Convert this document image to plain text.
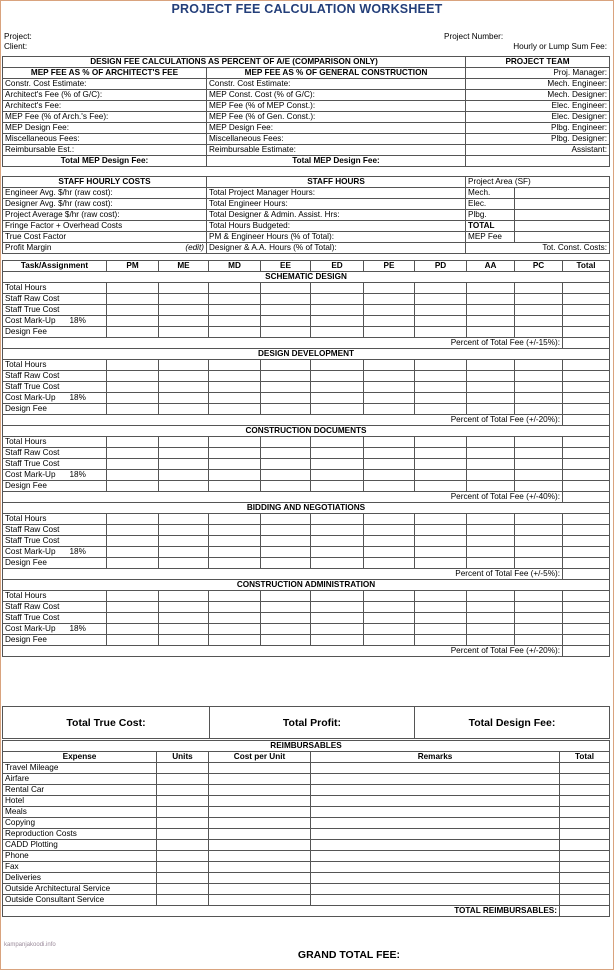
PROJECT FEE CALCULATION WORKSHEET
Project:	Project Number:
Client:	Hourly or Lump Sum Fee:
DESIGN FEE CALCULATIONS AS PERCENT OF A/E (COMPARISON ONLY)		PROJECT TEAM
MEP FEE AS % OF ARCHITECT'S FEE	MEP FEE AS % OF GENERAL CONSTRUCTION	Proj. Manager:
Constr. Cost Estimate:	Constr. Cost Estimate:	Mech. Engineer:
Architect's Fee (% of G/C):	MEP Const. Cost (% of G/C):	Mech. Designer:
Architect's Fee:	MEP Fee (% of MEP Const.):	Elec. Engineer:
MEP Fee (% of Arch.'s Fee):	MEP Fee (% of Gen. Const.):	Elec. Designer:
MEP Design Fee:	MEP Design Fee:	Plbg. Engineer:
Miscellaneous Fees:	Miscellaneous Fees:	Plbg. Designer:
Reimbursable Est.:	Reimbursable Estimate:	Assistant:
Total MEP Design Fee:	Total MEP Design Fee:	
STAFF HOURLY COSTS	STAFF HOURS	Project Area (SF)	
Engineer Avg. $/hr (raw cost):	Total Project Manager Hours:	Mech.	
Designer Avg. $/hr (raw cost):	Total Engineer Hours:	Elec.	
Project Average $/hr (raw cost):	Total Designer & Admin. Assist. Hrs:	Plbg.	
Fringe Factor + Overhead Costs	Total Hours Budgeted:	TOTAL	
True Cost Factor	PM & Engineer Hours (% of Total):	MEP Fee	
Profit Margin (edit)	Designer & A.A. Hours (% of Total):	Tot. Const. Costs:	
Task/Assignment	PM	ME	MD	EE	ED	PE	PD	AA	PC	Total
SCHEMATIC DESIGN										
Total Hours										
Staff Raw Cost										
Staff True Cost										
Cost Mark-Up 18%										
Design Fee										
Percent of Total Fee (+/-15%):										
DESIGN DEVELOPMENT										
Total Hours										
Staff Raw Cost										
Staff True Cost										
Cost Mark-Up 18%										
Design Fee										
Percent of Total Fee (+/-20%):										
CONSTRUCTION DOCUMENTS										
Total Hours										
Staff Raw Cost										
Staff True Cost										
Cost Mark-Up 18%										
Design Fee										
Percent of Total Fee (+/-40%):										
BIDDING AND NEGOTIATIONS										
Total Hours										
Staff Raw Cost										
Staff True Cost										
Cost Mark-Up 18%										
Design Fee										
Percent of Total Fee (+/-5%):										
CONSTRUCTION ADMINISTRATION										
Total Hours										
Staff Raw Cost										
Staff True Cost										
Cost Mark-Up 18%										
Design Fee										
Percent of Total Fee (+/-20%):										
Total True Cost:	Total Profit:	Total Design Fee:
REIMBURSABLES				
Expense	Units	Cost per Unit	Remarks	Total
Travel Mileage				
Airfare				
Rental Car				
Hotel				
Meals				
Copying				
Reproduction Costs				
CADD Plotting				
Phone				
Fax				
Deliveries				
Outside Architectural Service				
Outside Consultant Service				
TOTAL REIMBURSABLES:				
GRAND TOTAL FEE:	
kampanjakoodi.info
